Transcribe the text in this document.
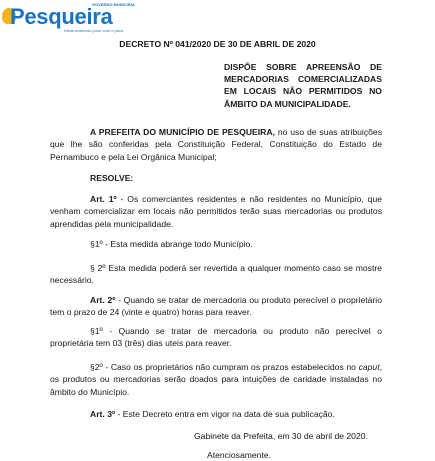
Pesqueira
GOVERNO MUNICIPAL
Desenvolvendo junto com o povo

DECRETO Nº 041/2020 DE 30 DE ABRIL DE 2020

DISPÕE SOBRE APREENSÃO DE MERCADORIAS COMERCIALIZADAS EM LOCAIS NÃO PERMITIDOS NO ÂMBITO DA MUNICIPALIDADE.

A PREFEITA DO MUNICÍPIO DE PESQUEIRA, no uso de suas atribuições que lhe são conferidas pela Constituição Federal, Constituição do Estado de Pernambuco e pela Lei Orgânica Municipal;

RESOLVE:

Art. 1º - Os comerciantes residentes e não residentes no Município, que venham comercializar em locais não permitidos terão suas mercadorias ou produtos aprendidas pela municipalidade.

§1º - Esta medida abrange todo Município.

§ 2º Esta medida poderá ser revertida a qualquer momento caso se mostre necessário.

Art. 2º - Quando se tratar de mercadoria ou produto perecível o proprietário tem o prazo de 24 (vinte e quatro) horas para reaver.

§1º - Quando se tratar de mercadoria ou produto não perecível o proprietária tem 03 (três) dias uteis para reaver.

§2º - Caso os proprietários não cumpram os prazos estabelecidos no caput, os produtos ou mercadorias serão doados para intuições de caridade instaladas no âmbito do Município.

Art. 3º - Este Decreto entra em vigor na data de sua publicação.

Gabinete da Prefeita, em 30 de abril de 2020.

Atenciosamente.
